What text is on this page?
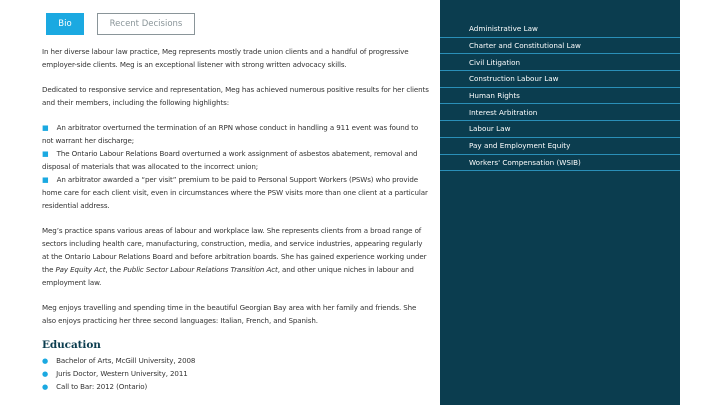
Bio	Recent Decisions

In her diverse labour law practice, Meg represents mostly trade union clients and a handful of progressive employer-side clients. Meg is an exceptional listener with strong written advocacy skills.

Dedicated to responsive service and representation, Meg has achieved numerous positive results for her clients and their members, including the following highlights:

■ An arbitrator overturned the termination of an RPN whose conduct in handling a 911 event was found to not warrant her discharge;
■ The Ontario Labour Relations Board overturned a work assignment of asbestos abatement, removal and disposal of materials that was allocated to the incorrect union;
■ An arbitrator awarded a “per visit” premium to be paid to Personal Support Workers (PSWs) who provide home care for each client visit, even in circumstances where the PSW visits more than one client at a particular residential address.

Meg’s practice spans various areas of labour and workplace law. She represents clients from a broad range of sectors including health care, manufacturing, construction, media, and service industries, appearing regularly at the Ontario Labour Relations Board and before arbitration boards. She has gained experience working under the Pay Equity Act, the Public Sector Labour Relations Transition Act, and other unique niches in labour and employment law.

Meg enjoys travelling and spending time in the beautiful Georgian Bay area with her family and friends. She also enjoys practicing her three second languages: Italian, French, and Spanish.

Education
● Bachelor of Arts, McGill University, 2008
● Juris Doctor, Western University, 2011
● Call to Bar: 2012 (Ontario)
Administrative Law
Charter and Constitutional Law
Civil Litigation
Construction Labour Law
Human Rights
Interest Arbitration
Labour Law
Pay and Employment Equity
Workers' Compensation (WSIB)
